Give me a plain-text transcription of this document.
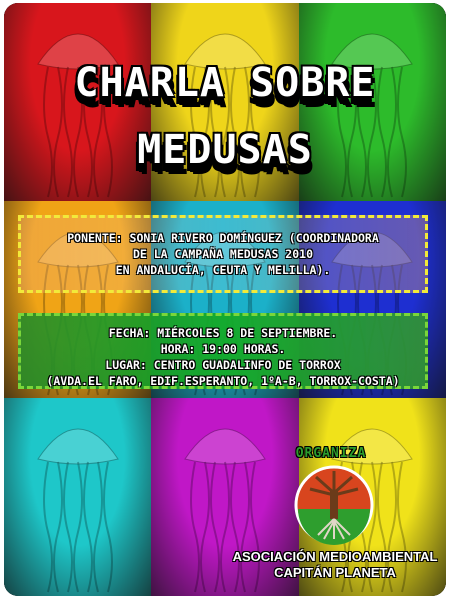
CHARLA SOBRE
MEDUSAS
PONENTE: SONIA RIVERO DOMÍNGUEZ (COORDINADORA
DE LA CAMPAÑA MEDUSAS 2010
EN ANDALUCÍA, CEUTA Y MELILLA).
FECHA: MIÉRCOLES 8 DE SEPTIEMBRE.
HORA: 19:00 HORAS.
LUGAR: CENTRO GUADALINFO DE TORROX
(AVDA.EL FARO, EDIF.ESPERANTO, 1ºA-B, TORROX-COSTA)
ORGANIZA
ASOCIACIÓN MEDIOAMBIENTAL
CAPITÁN PLANETA
